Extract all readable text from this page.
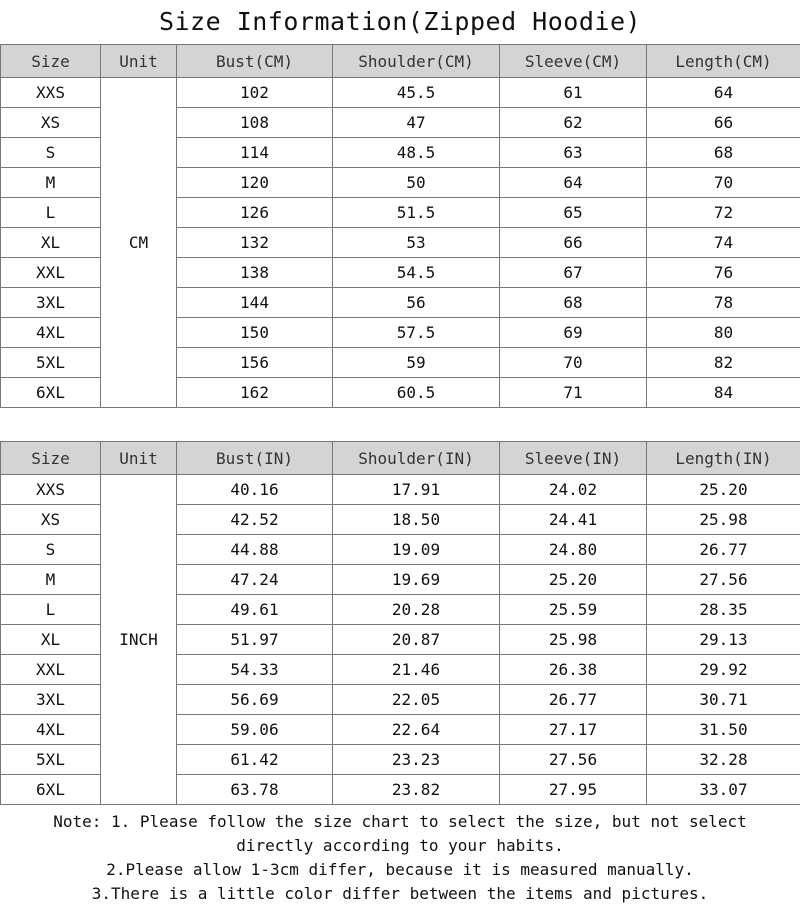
Size Information(Zipped Hoodie)
Size	Unit	Bust(CM)	Shoulder(CM)	Sleeve(CM)	Length(CM)
XXS	CM	102	45.5	61	64
XS		108	47	62	66
S		114	48.5	63	68
M		120	50	64	70
L		126	51.5	65	72
XL		132	53	66	74
XXL		138	54.5	67	76
3XL		144	56	68	78
4XL		150	57.5	69	80
5XL		156	59	70	82
6XL		162	60.5	71	84
Size	Unit	Bust(IN)	Shoulder(IN)	Sleeve(IN)	Length(IN)
XXS	INCH	40.16	17.91	24.02	25.20
XS		42.52	18.50	24.41	25.98
S		44.88	19.09	24.80	26.77
M		47.24	19.69	25.20	27.56
L		49.61	20.28	25.59	28.35
XL		51.97	20.87	25.98	29.13
XXL		54.33	21.46	26.38	29.92
3XL		56.69	22.05	26.77	30.71
4XL		59.06	22.64	27.17	31.50
5XL		61.42	23.23	27.56	32.28
6XL		63.78	23.82	27.95	33.07
Note: 1. Please follow the size chart to select the size, but not select
directly according to your habits.
2.Please allow 1-3cm differ, because it is measured manually.
3.There is a little color differ between the items and pictures.
